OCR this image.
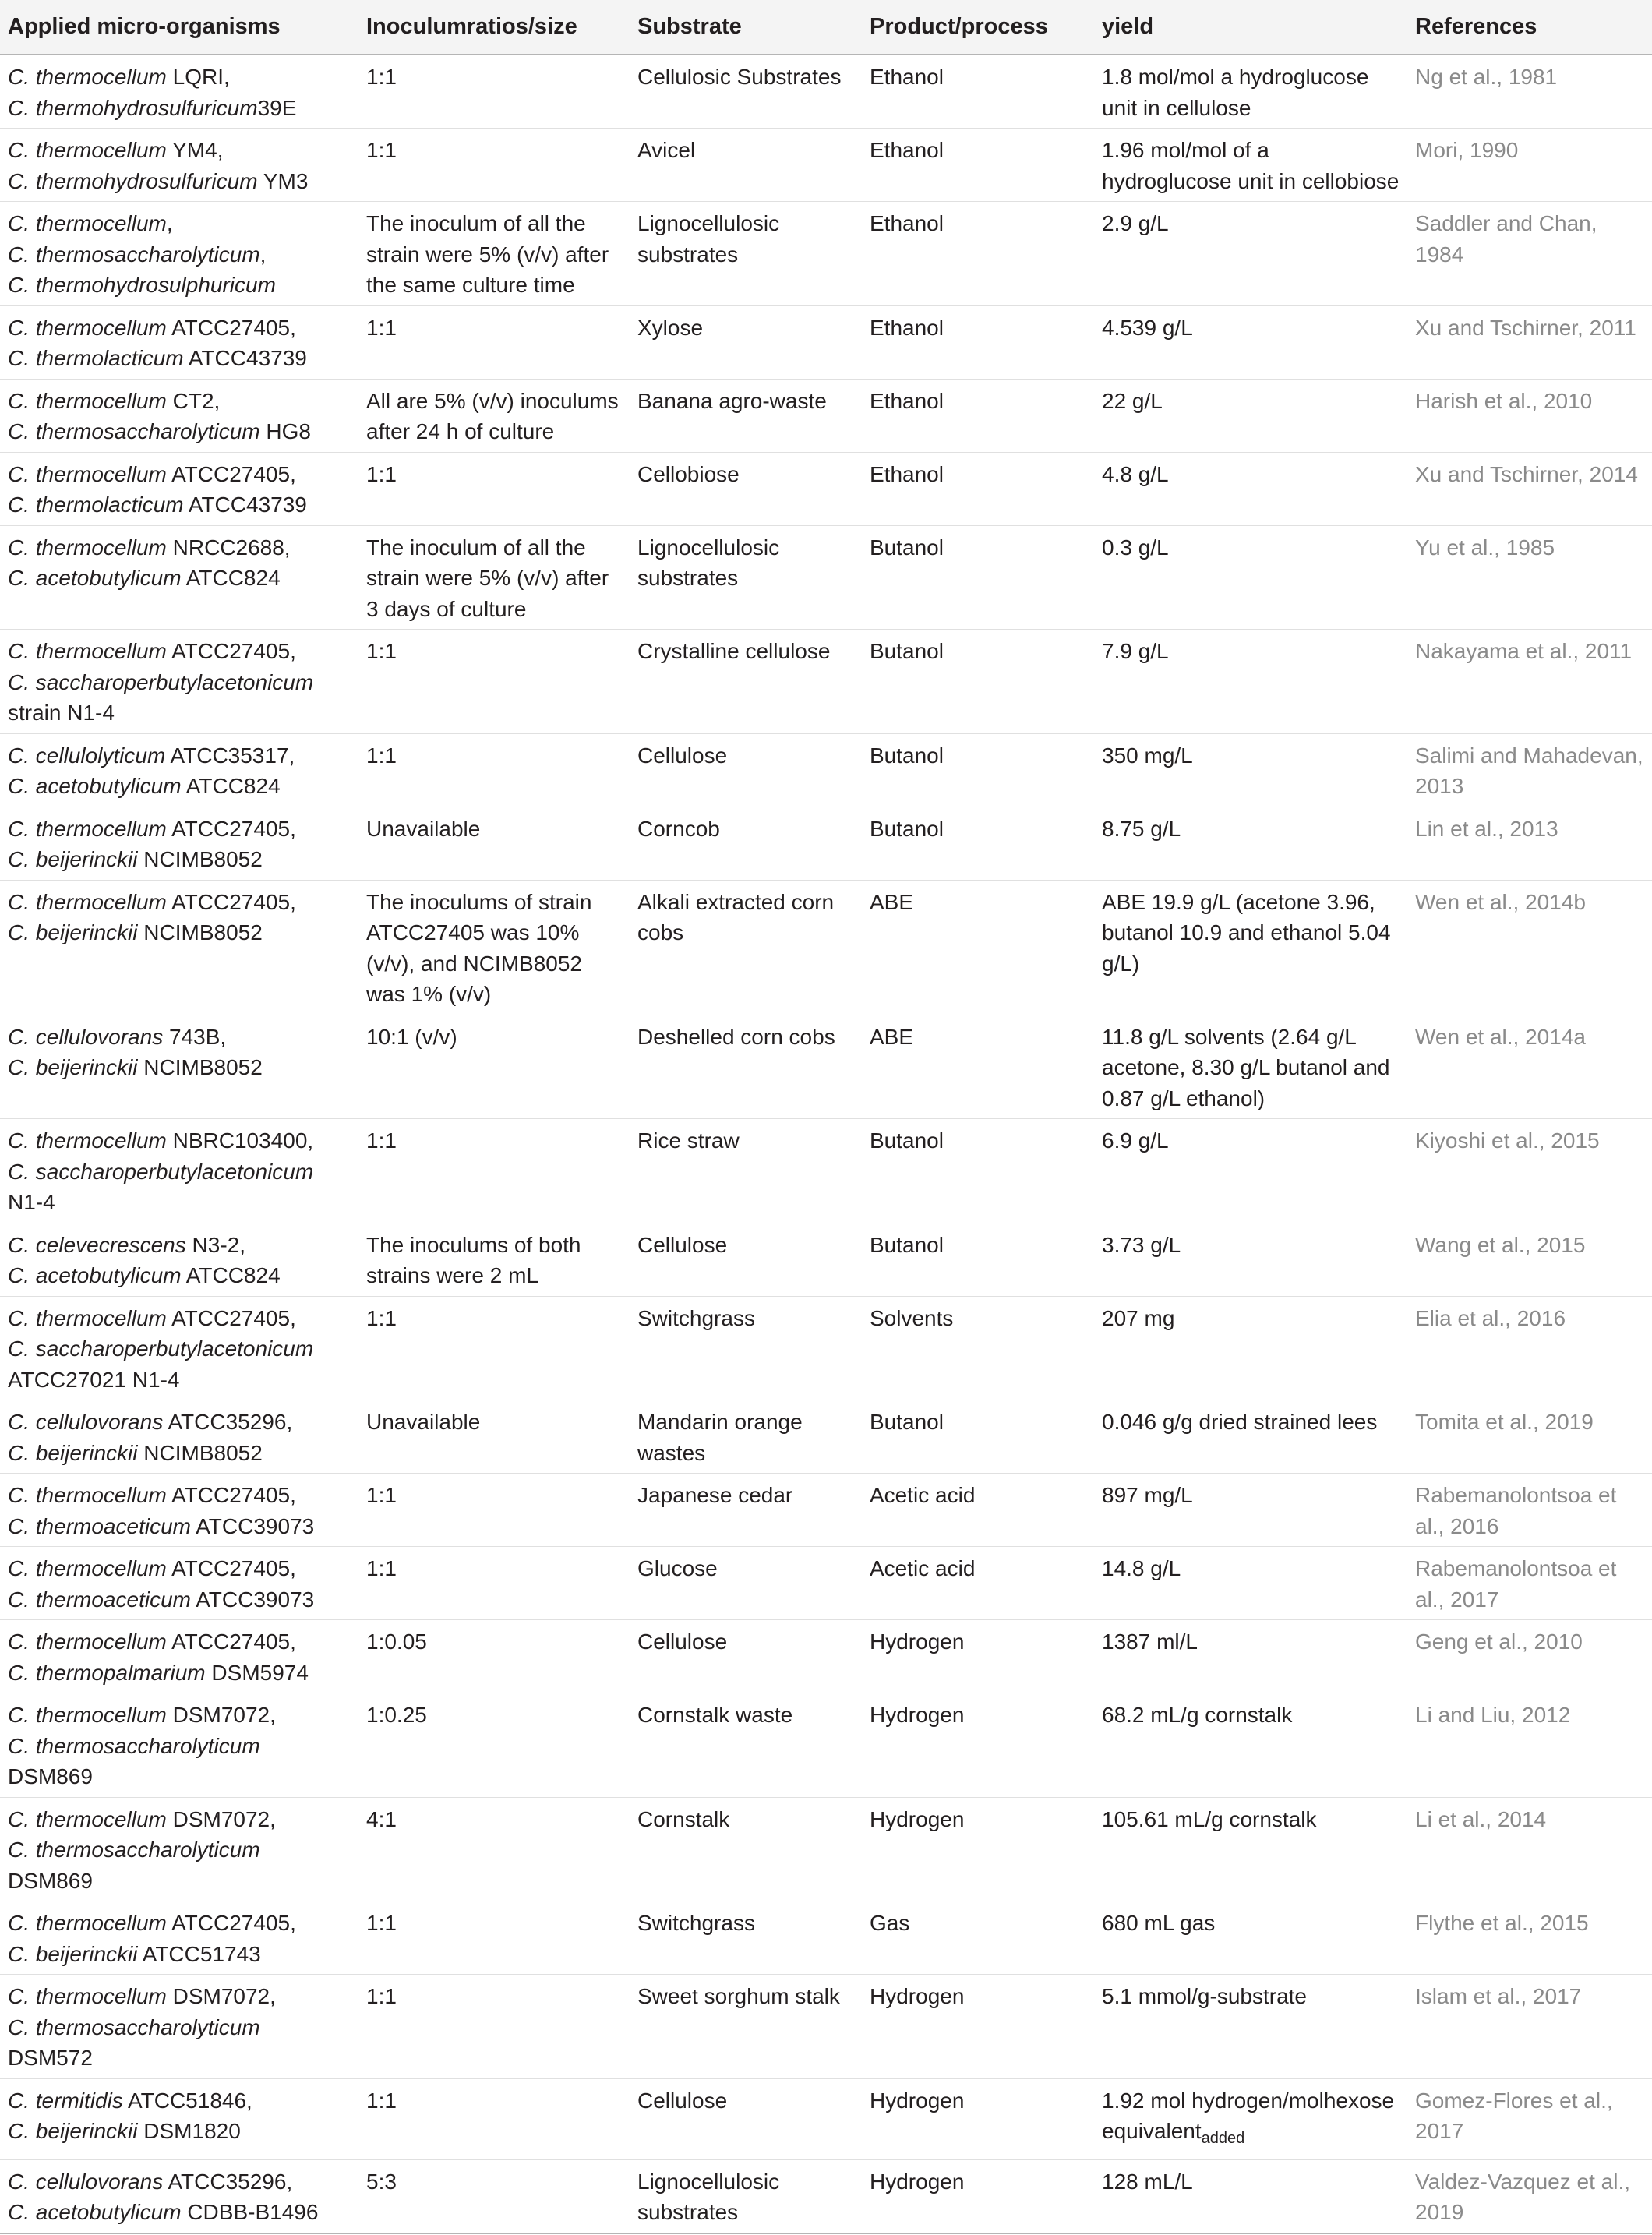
Applied micro-organisms	Inoculumratios/size	Substrate	Product/process	yield	References

C. thermocellum LQRI,
C. thermohydrosulfuricum39E	1:1	Cellulosic Substrates	Ethanol	1.8 mol/mol a hydroglucose unit in cellulose	Ng et al., 1981

C. thermocellum YM4,
C. thermohydrosulfuricum YM3	1:1	Avicel	Ethanol	1.96 mol/mol of a hydroglucose unit in cellobiose	Mori, 1990

C. thermocellum,
C. thermosaccharolyticum,
C. thermohydrosulphuricum	The inoculum of all the strain were 5% (v/v) after the same culture time	Lignocellulosic substrates	Ethanol	2.9 g/L	Saddler and Chan, 1984

C. thermocellum ATCC27405,
C. thermolacticum ATCC43739	1:1	Xylose	Ethanol	4.539 g/L	Xu and Tschirner, 2011

C. thermocellum CT2,
C. thermosaccharolyticum HG8	All are 5% (v/v) inoculums after 24 h of culture	Banana agro-waste	Ethanol	22 g/L	Harish et al., 2010

C. thermocellum ATCC27405,
C. thermolacticum ATCC43739	1:1	Cellobiose	Ethanol	4.8 g/L	Xu and Tschirner, 2014

C. thermocellum NRCC2688,
C. acetobutylicum ATCC824	The inoculum of all the strain were 5% (v/v) after 3 days of culture	Lignocellulosic substrates	Butanol	0.3 g/L	Yu et al., 1985

C. thermocellum ATCC27405,
C. saccharoperbutylacetonicum
strain N1-4	1:1	Crystalline cellulose	Butanol	7.9 g/L	Nakayama et al., 2011

C. cellulolyticum ATCC35317,
C. acetobutylicum ATCC824	1:1	Cellulose	Butanol	350 mg/L	Salimi and Mahadevan, 2013

C. thermocellum ATCC27405,
C. beijerinckii NCIMB8052	Unavailable	Corncob	Butanol	8.75 g/L	Lin et al., 2013

C. thermocellum ATCC27405,
C. beijerinckii NCIMB8052	The inoculums of strain ATCC27405 was 10% (v/v), and NCIMB8052 was 1% (v/v)	Alkali extracted corn cobs	ABE	ABE 19.9 g/L (acetone 3.96, butanol 10.9 and ethanol 5.04 g/L)	Wen et al., 2014b

C. cellulovorans 743B,
C. beijerinckii NCIMB8052	10:1 (v/v)	Deshelled corn cobs	ABE	11.8 g/L solvents (2.64 g/L acetone, 8.30 g/L butanol and 0.87 g/L ethanol)	Wen et al., 2014a

C. thermocellum NBRC103400,
C. saccharoperbutylacetonicum
N1-4	1:1	Rice straw	Butanol	6.9 g/L	Kiyoshi et al., 2015

C. celevecrescens N3-2,
C. acetobutylicum ATCC824	The inoculums of both strains were 2 mL	Cellulose	Butanol	3.73 g/L	Wang et al., 2015

C. thermocellum ATCC27405,
C. saccharoperbutylacetonicum
ATCC27021 N1-4	1:1	Switchgrass	Solvents	207 mg	Elia et al., 2016

C. cellulovorans ATCC35296,
C. beijerinckii NCIMB8052	Unavailable	Mandarin orange wastes	Butanol	0.046 g/g dried strained lees	Tomita et al., 2019

C. thermocellum ATCC27405,
C. thermoaceticum ATCC39073	1:1	Japanese cedar	Acetic acid	897 mg/L	Rabemanolontsoa et al., 2016

C. thermocellum ATCC27405,
C. thermoaceticum ATCC39073	1:1	Glucose	Acetic acid	14.8 g/L	Rabemanolontsoa et al., 2017

C. thermocellum ATCC27405,
C. thermopalmarium DSM5974	1:0.05	Cellulose	Hydrogen	1387 ml/L	Geng et al., 2010

C. thermocellum DSM7072,
C. thermosaccharolyticum
DSM869	1:0.25	Cornstalk waste	Hydrogen	68.2 mL/g cornstalk	Li and Liu, 2012

C. thermocellum DSM7072,
C. thermosaccharolyticum
DSM869	4:1	Cornstalk	Hydrogen	105.61 mL/g cornstalk	Li et al., 2014

C. thermocellum ATCC27405,
C. beijerinckii ATCC51743	1:1	Switchgrass	Gas	680 mL gas	Flythe et al., 2015

C. thermocellum DSM7072,
C. thermosaccharolyticum
DSM572	1:1	Sweet sorghum stalk	Hydrogen	5.1 mmol/g-substrate	Islam et al., 2017

C. termitidis ATCC51846,
C. beijerinckii DSM1820	1:1	Cellulose	Hydrogen	1.92 mol hydrogen/molhexose equivalent$_{added}$	Gomez-Flores et al., 2017

C. cellulovorans ATCC35296,
C. acetobutylicum CDBB-B1496	5:3	Lignocellulosic substrates	Hydrogen	128 mL/L	Valdez-Vazquez et al., 2019
